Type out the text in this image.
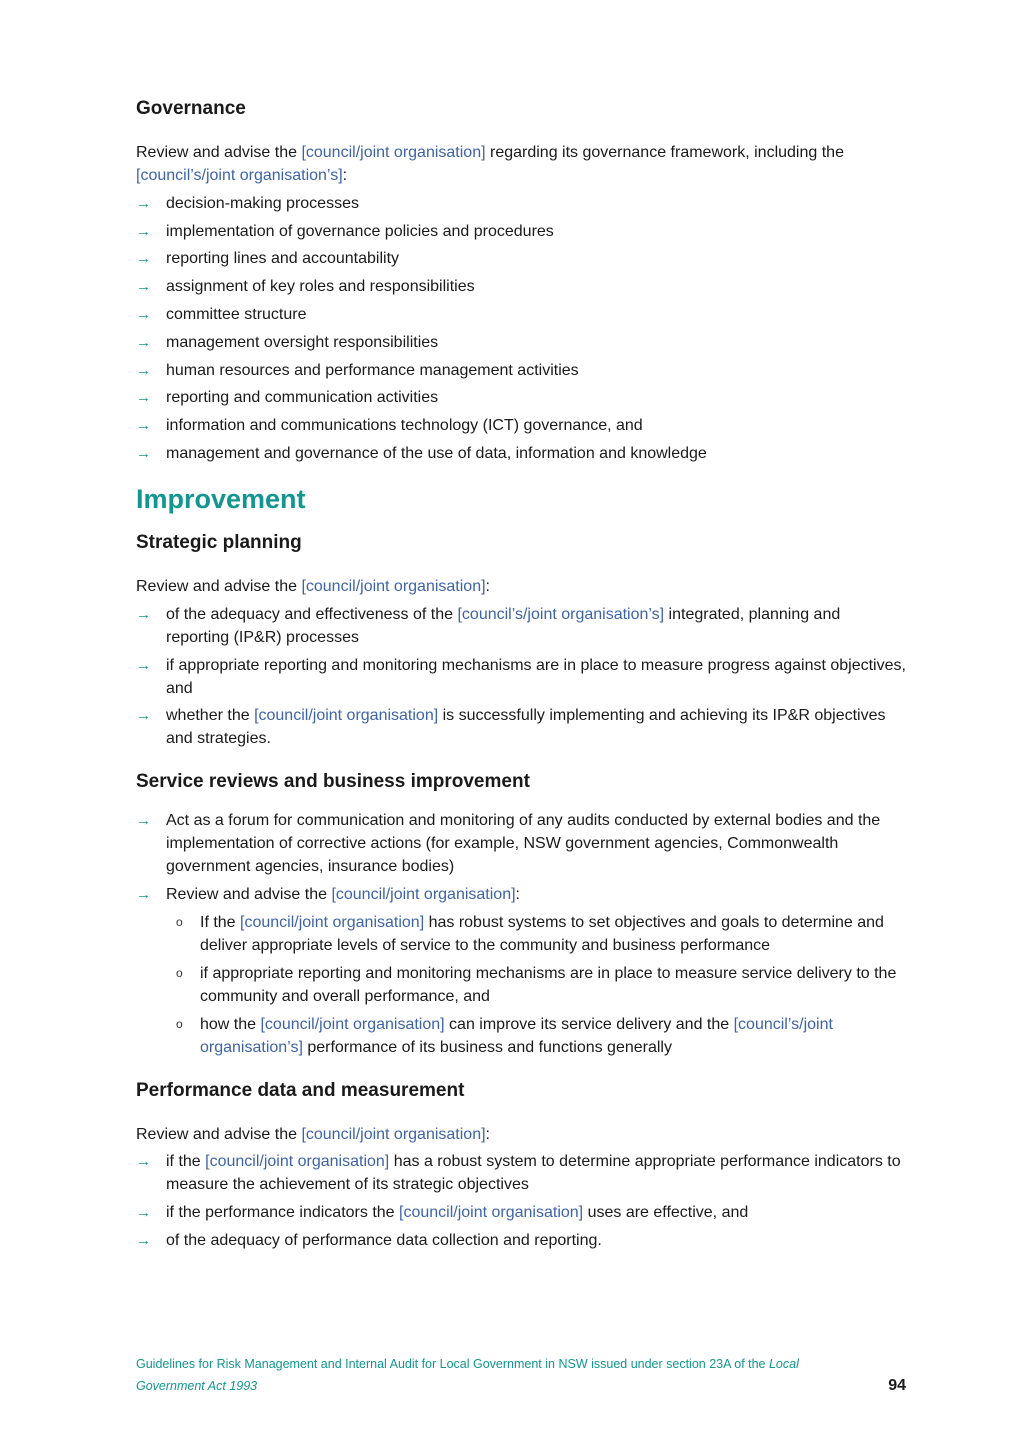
Governance

Review and advise the [council/joint organisation] regarding its governance framework, including the [council’s/joint organisation’s]:

→ decision-making processes
→ implementation of governance policies and procedures
→ reporting lines and accountability
→ assignment of key roles and responsibilities
→ committee structure
→ management oversight responsibilities
→ human resources and performance management activities
→ reporting and communication activities
→ information and communications technology (ICT) governance, and
→ management and governance of the use of data, information and knowledge
Improvement
Strategic planning

Review and advise the [council/joint organisation]:

→ of the adequacy and effectiveness of the [council’s/joint organisation’s] integrated, planning and reporting (IP&R) processes
→ if appropriate reporting and monitoring mechanisms are in place to measure progress against objectives, and
→ whether the [council/joint organisation] is successfully implementing and achieving its IP&R objectives and strategies.
Service reviews and business improvement
→ Act as a forum for communication and monitoring of any audits conducted by external bodies and the implementation of corrective actions (for example, NSW government agencies, Commonwealth government agencies, insurance bodies)
→ Review and advise the [council/joint organisation]:
o If the [council/joint organisation] has robust systems to set objectives and goals to determine and deliver appropriate levels of service to the community and business performance
o if appropriate reporting and monitoring mechanisms are in place to measure service delivery to the community and overall performance, and
o how the [council/joint organisation] can improve its service delivery and the [council’s/joint organisation’s] performance of its business and functions generally
Performance data and measurement

Review and advise the [council/joint organisation]:

→ if the [council/joint organisation] has a robust system to determine appropriate performance indicators to measure the achievement of its strategic objectives
→ if the performance indicators the [council/joint organisation] uses are effective, and
→ of the adequacy of performance data collection and reporting.
Guidelines for Risk Management and Internal Audit for Local Government in NSW issued under section 23A of the Local Government Act 1993	94
